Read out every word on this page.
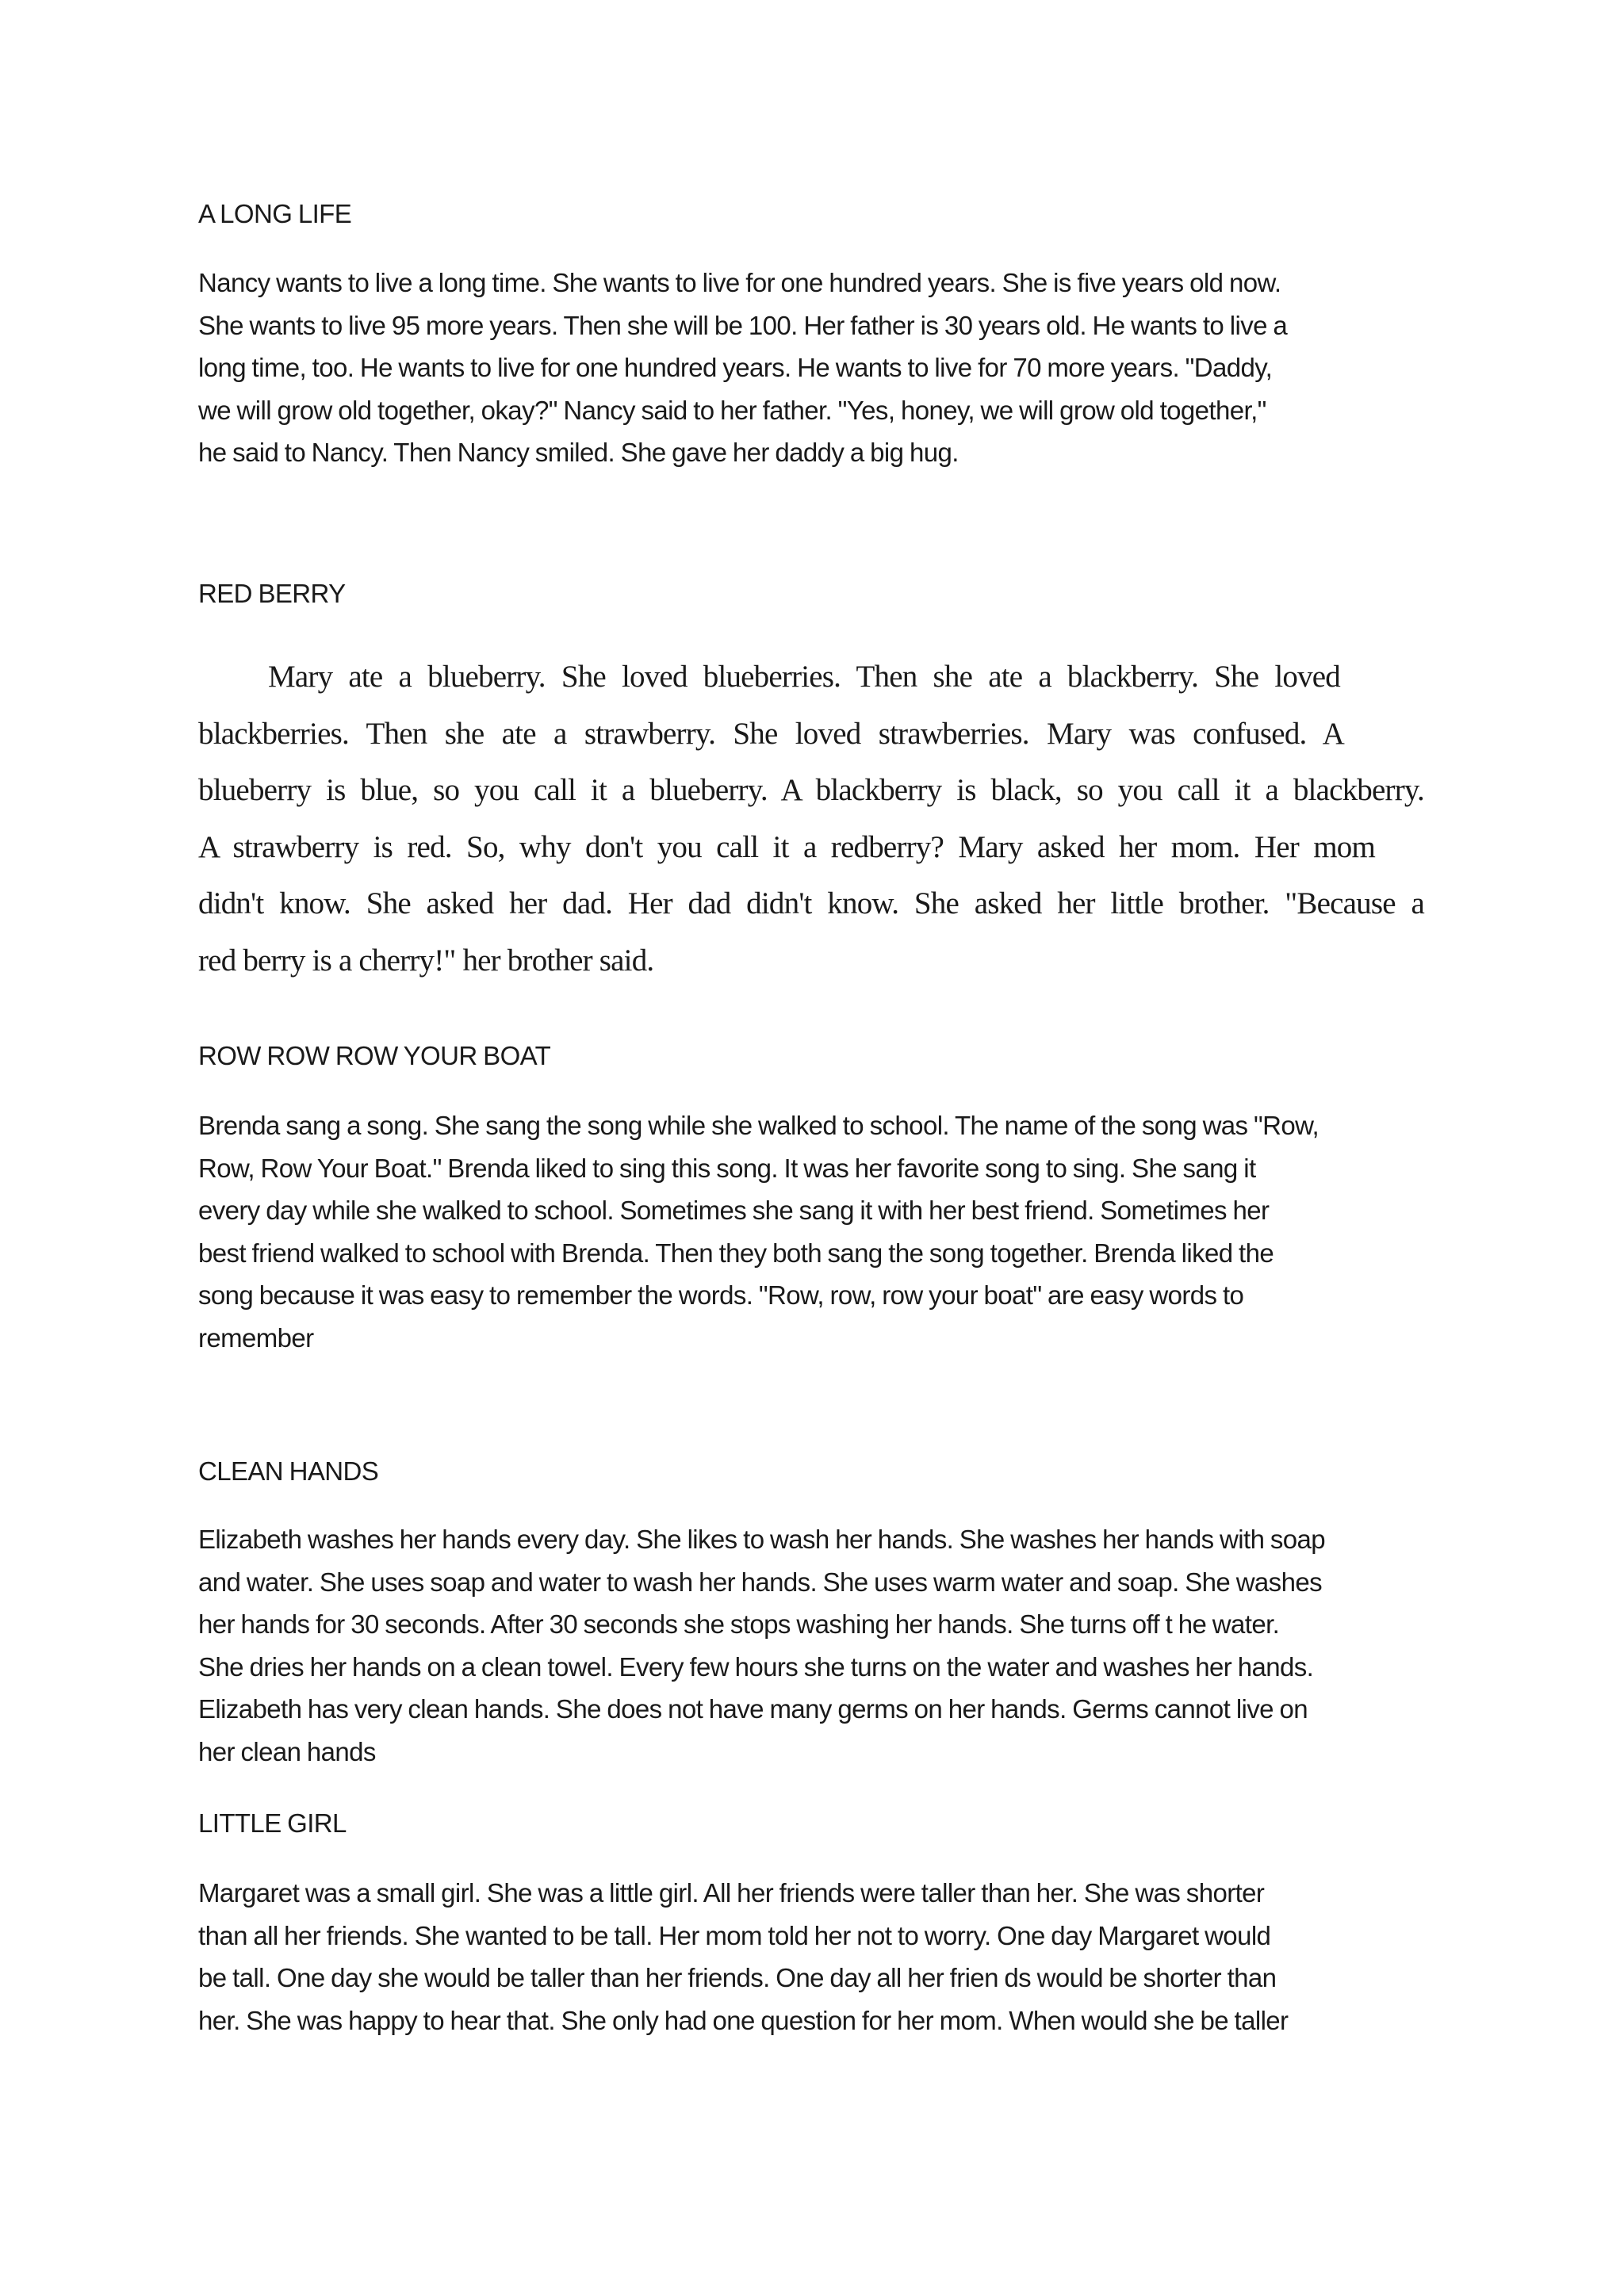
A LONG LIFE
Nancy wants to live a long time. She wants to live for one hundred years. She is five years old now.
She wants to live 95 more years. Then she will be 100. Her father is 30 years old. He wants to live a
long time, too. He wants to live for one hundred years. He wants to live for 70 more years. "Daddy,
we will grow old together, okay?" Nancy said to her father. "Yes, honey, we will grow old together,"
he said to Nancy. Then Nancy smiled. She gave her daddy a big hug.
RED BERRY
Mary ate a blueberry. She loved blueberries. Then she ate a blackberry. She loved
blackberries. Then she ate a strawberry. She loved strawberries. Mary was confused. A
blueberry is blue, so you call it a blueberry. A blackberry is black, so you call it a blackberry.
A strawberry is red. So, why don't you call it a redberry? Mary asked her mom. Her mom
didn't know. She asked her dad. Her dad didn't know. She asked her little brother. "Because a
red berry is a cherry!" her brother said.
ROW ROW ROW YOUR BOAT
Brenda sang a song. She sang the song while she walked to school. The name of the song was "Row,
Row, Row Your Boat." Brenda liked to sing this song. It was her favorite song to sing. She sang it
every day while she walked to school. Sometimes she sang it with her best friend. Sometimes her
best friend walked to school with Brenda. Then they both sang the song together. Brenda liked the
song because it was easy to remember the words. "Row, row, row your boat" are easy words to
remember
CLEAN HANDS
Elizabeth washes her hands every day. She likes to wash her hands. She washes her hands with soap
and water. She uses soap and water to wash her hands. She uses warm water and soap. She washes
her hands for 30 seconds. After 30 seconds she stops washing her hands. She turns off t he water.
She dries her hands on a clean towel. Every few hours she turns on the water and washes her hands.
Elizabeth has very clean hands. She does not have many germs on her hands. Germs cannot live on
her clean hands
LITTLE GIRL
Margaret was a small girl. She was a little girl. All her friends were taller than her. She was shorter
than all her friends. She wanted to be tall. Her mom told her not to worry. One day Margaret would
be tall. One day she would be taller than her friends. One day all her frien ds would be shorter than
her. She was happy to hear that. She only had one question for her mom. When would she be taller
